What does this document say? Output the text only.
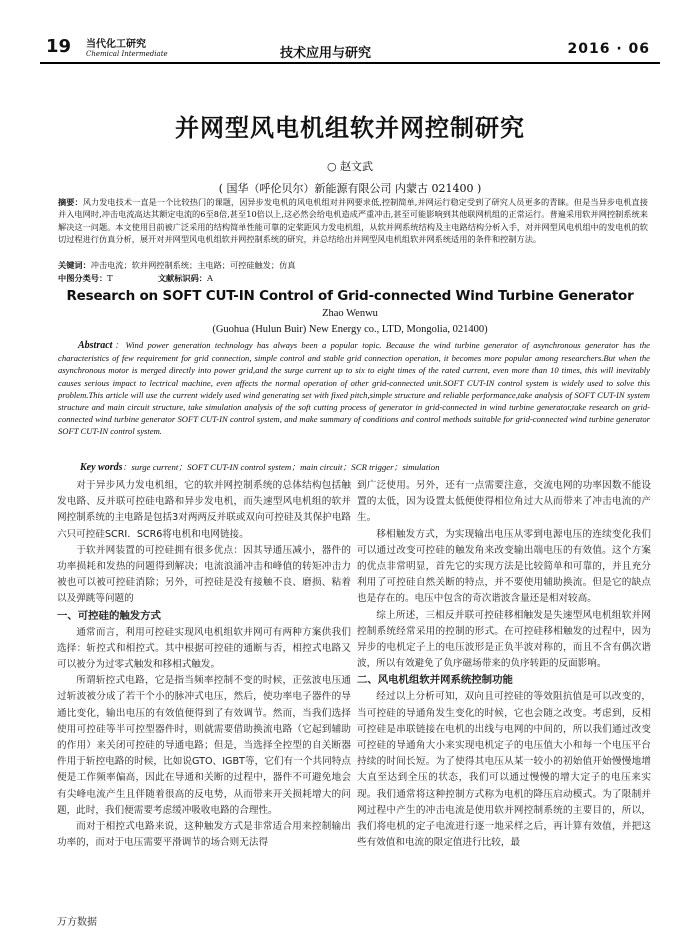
19 当代化工研究
Chemical Intermediate	技术应用与研究	2016 · 06
并网型风电机组软并网控制研究
○ 赵文武
( 国华（呼伦贝尔）新能源有限公司 内蒙古 021400 )
摘要：风力发电技术一直是一个比较热门的课题，因异步发电机的风电机组对并网要求低,控制简单,并网运行稳定受到了研究人员更多的青睐。但是当异步电机直接并入电网时,冲击电流高达其额定电流的6至8倍,甚至10倍以上,这必然会给电机造成严重冲击,甚至可能影响到其他联网机组的正常运行。普遍采用软并网控制系统来解决这一问题。本文使用目前被广泛采用的结构简单性能可靠的定桨距风力发电机组，从软并网系统结构及主电路结构分析入手，对并网型风电机组中的发电机的软切过程进行仿真分析，展开对并网型风电机组软并网控制系统的研究，并总结给出并网型风电机组软并网系统适用的条件和控制方法。
关键词：冲击电流；软并网控制系统；主电路；可控硅触发；仿真
中图分类号：T	文献标识码：A
Research on SOFT CUT-IN Control of Grid-connected Wind Turbine Generator
Zhao Wenwu
(Guohua (Hulun Buir) New Energy co., LTD, Mongolia, 021400)
Abstract：Wind power generation technology has always been a popular topic. Because the wind turbine generator of asynchronous generator has the characteristics of few requirement for grid connection, simple control and stable grid connection operation, it becomes more popular among researchers.But when the asynchronous motor is merged directly into power grid,and the surge current up to six to eight times of the rated current, even more than 10 times, this will inevitably causes serious impact to lectrical machine, even affects the normal operation of other grid-connected unit.SOFT CUT-IN control system is widely used to solve this problem.This article will use the current widely used wind generating set with fixed pitch,simple structure and reliable performance,take analysis of SOFT CUT-IN system structure and main circuit structure, take simulation analysis of the soft cutting process of generator in grid-connected in wind turbine generator,take research on grid-connected wind turbine generator SOFT CUT-IN control system, and make summary of conditions and control methods suitable for grid-connected wind turbine generator SOFT CUT-IN control system.
Key words：surge current；SOFT CUT-IN control system；main circuit；SCR trigger；simulation

对于异步风力发电机组，它的软并网控制系统的总体结构包括触发电路、反并联可控硅电路和异步发电机，而失速型风电机组的软并网控制系统的主电路是包括3对两两反并联或双向可控硅及其保护电路六只可控硅SCRI．SCR6将电机和电网链接。

于软并网装置的可控硅拥有很多优点：因其导通压减小，器件的功率损耗和发热的问题得到解决；电流浪涌冲击和峰值的转矩冲击力被也可以被可控硅消除；另外，可控硅是没有接触不良、磨损、粘着以及弹跳等问题的

一、可控硅的触发方式

通常而言，利用可控硅实现风电机组软并网可有两种方案供我们选择：斩控式和相控式。其中根据可控硅的通断与否，相控式电路又可以被分为过零式触发和移相式触发。

所谓斩控式电路，它是指当频率控制不变的时候，正弦波电压通过斩波被分成了若干个小的脉冲式电压，然后，使功率电子器件的导通比变化，输出电压的有效值便得到了有效调节。然而，当我们选择使用可控硅等半可控型器件时，则就需要借助换流电路（它起到辅助的作用）来关闭可控硅的导通电路；但是，当选择全控型的自关断器件用于斩控电路的时候，比如说GTO、IGBT等，它们有一个共同特点便是工作频率偏高，因此在导通和关断的过程中，器件不可避免地会有尖峰电流产生且伴随着很高的反电势，从而带来开关损耗增大的问题，此时，我们便需要考虑缓冲吸收电路的合理性。

而对于相控式电路来说，这种触发方式是非常适合用来控制输出功率的，而对于电压需要平滑调节的场合则无法得

到广泛使用。另外，还有一点需要注意，交流电网的功率因数不能设置的太低，因为设置太低便使得相位角过大从而带来了冲击电流的产生。

移相触发方式，为实现输出电压从零到电源电压的连续变化我们可以通过改变可控硅的触发角来改变输出端电压的有效值。这个方案的优点非常明显，首先它的实现方法是比较简单和可靠的，并且充分利用了可控硅自然关断的特点，并不要使用辅助换流。但是它的缺点也是存在的。电压中包含的奇次谐波含量还是相对较高。

综上所述，三相反并联可控硅移相触发是失速型风电机组软并网控制系统经常采用的控制的形式。在可控硅移相触发的过程中，因为异步的电机定子上的电压波形是正负半波对称的，而且不含有偶次谐波，所以有效避免了负序磁场带来的负序转距的反面影响。

二、风电机组软并网系统控制功能

经过以上分析可知，双向且可控硅的等效阻抗值是可以改变的，当可控硅的导通角发生变化的时候，它也会随之改变。考虑到，反相可控硅是串联链接在电机的出线与电网的中间的，所以我们通过改变可控硅的导通角大小来实现电机定子的电压值大小和每一个电压平台持续的时间长短。为了使得其电压从某一较小的初始值开始慢慢地增大直至达到全压的状态，我们可以通过慢慢的增大定子的电压来实现。我们通常将这种控制方式称为电机的降压启动模式。为了限制并网过程中产生的冲击电流是使用软并网控制系统的主要目的，所以，我们将电机的定子电流进行逐一地采样之后，再计算有效值，并把这些有效值和电流的限定值进行比较，最

万方数据
